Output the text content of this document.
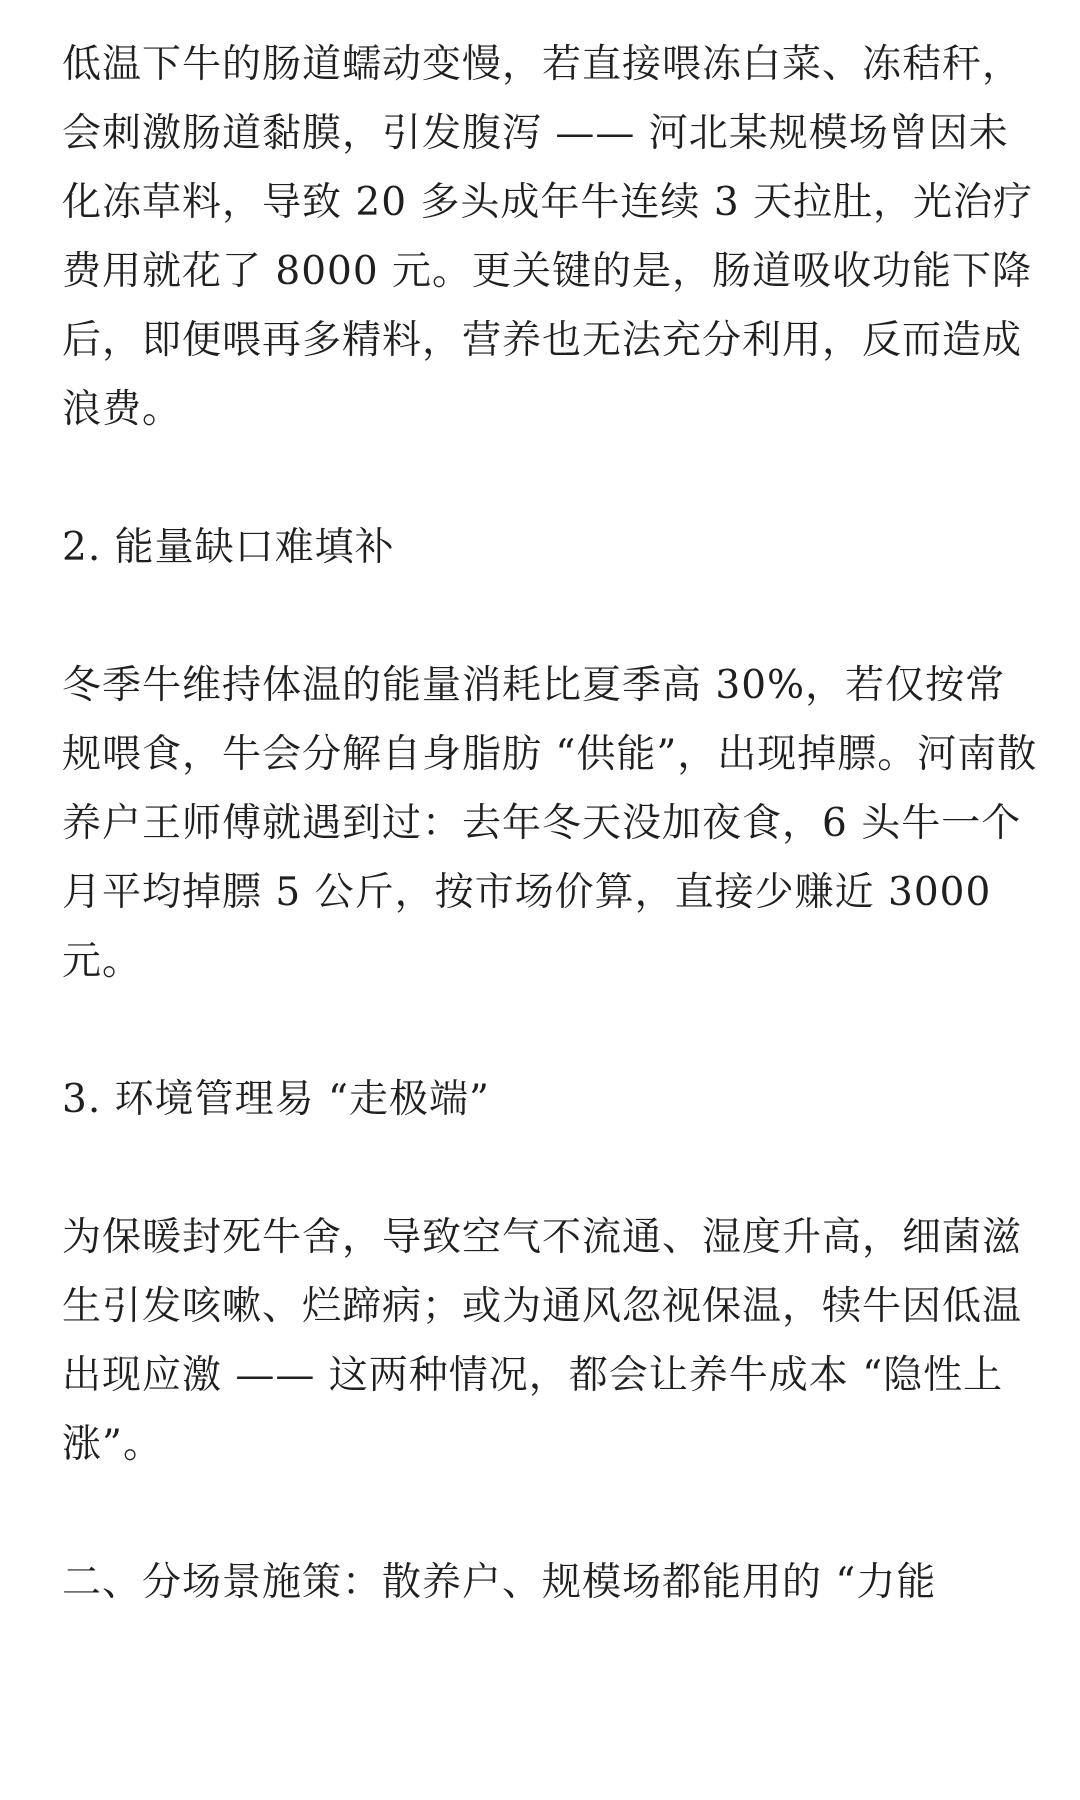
低温下牛的肠道蠕动变慢，若直接喂冻白菜、冻秸秆，会刺激肠道黏膜，引发腹泻 —— 河北某规模场曾因未化冻草料，导致 20 多头成年牛连续 3 天拉肚，光治疗费用就花了 8000 元。更关键的是，肠道吸收功能下降后，即便喂再多精料，营养也无法充分利用，反而造成浪费。

2. 能量缺口难填补

冬季牛维持体温的能量消耗比夏季高 30%，若仅按常规喂食，牛会分解自身脂肪 “供能”，出现掉膘。河南散养户王师傅就遇到过：去年冬天没加夜食，6 头牛一个月平均掉膘 5 公斤，按市场价算，直接少赚近 3000 元。

3. 环境管理易 “走极端”

为保暖封死牛舍，导致空气不流通、湿度升高，细菌滋生引发咳嗽、烂蹄病；或为通风忽视保温，犊牛因低温出现应激 —— 这两种情况，都会让养牛成本 “隐性上涨”。

二、分场景施策：散养户、规模场都能用的 “力能
